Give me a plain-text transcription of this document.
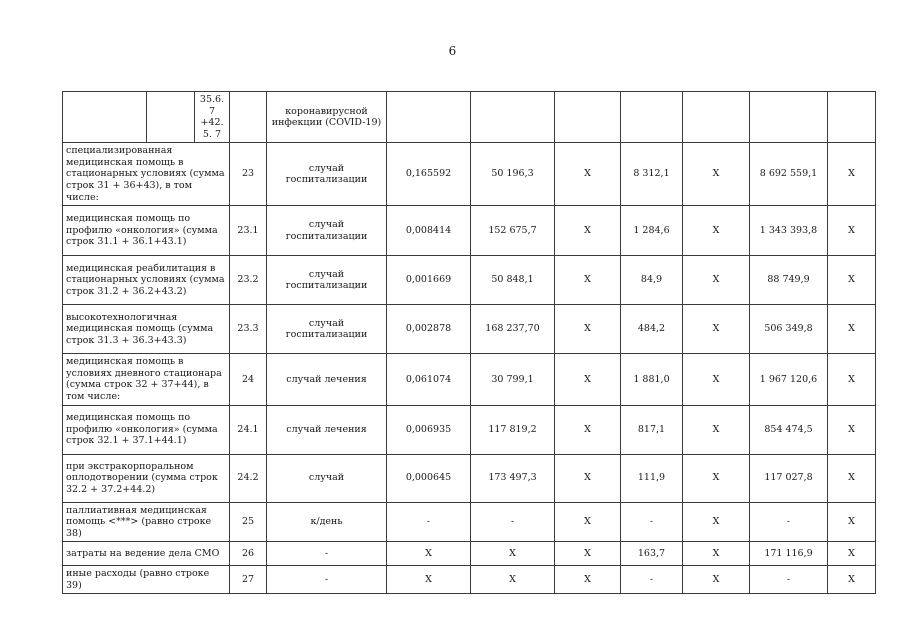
6
		35.6.7 +42.5. 7		коронавирусной инфекции (COVID-19)							
специализированная медицинская помощь в стационарных условиях (сумма строк 31 + 36+43), в том числе:			23	случай госпитализации	0,165592	50 196,3	Х	8 312,1	Х	8 692 559,1	Х
медицинская помощь по профилю «онкология» (сумма строк 31.1 + 36.1+43.1)			23.1	случай госпитализации	0,008414	152 675,7	Х	1 284,6	Х	1 343 393,8	Х
медицинская реабилитация в стационарных условиях (сумма строк 31.2 + 36.2+43.2)			23.2	случай госпитализации	0,001669	50 848,1	Х	84,9	Х	88 749,9	Х
высокотехнологичная медицинская помощь (сумма строк 31.3 + 36.3+43.3)			23.3	случай госпитализации	0,002878	168 237,70	Х	484,2	Х	506 349,8	Х
медицинская помощь в условиях дневного стационара (сумма строк 32 + 37+44), в том числе:			24	случай лечения	0,061074	30 799,1	Х	1 881,0	Х	1 967 120,6	Х
медицинская помощь по профилю «онкология» (сумма строк 32.1 + 37.1+44.1)			24.1	случай лечения	0,006935	117 819,2	Х	817,1	Х	854 474,5	Х
при экстракорпоральном оплодотворении (сумма строк 32.2 + 37.2+44.2)			24.2	случай	0,000645	173 497,3	Х	111,9	Х	117 027,8	Х
паллиативная медицинская помощь <***> (равно строке 38)			25	к/день	-	-	Х	-	Х	-	Х
затраты на ведение дела СМО			26	-	Х	Х	Х	163,7	Х	171 116,9	Х
иные расходы (равно строке 39)			27	-	Х	Х	Х	-	Х	-	Х
